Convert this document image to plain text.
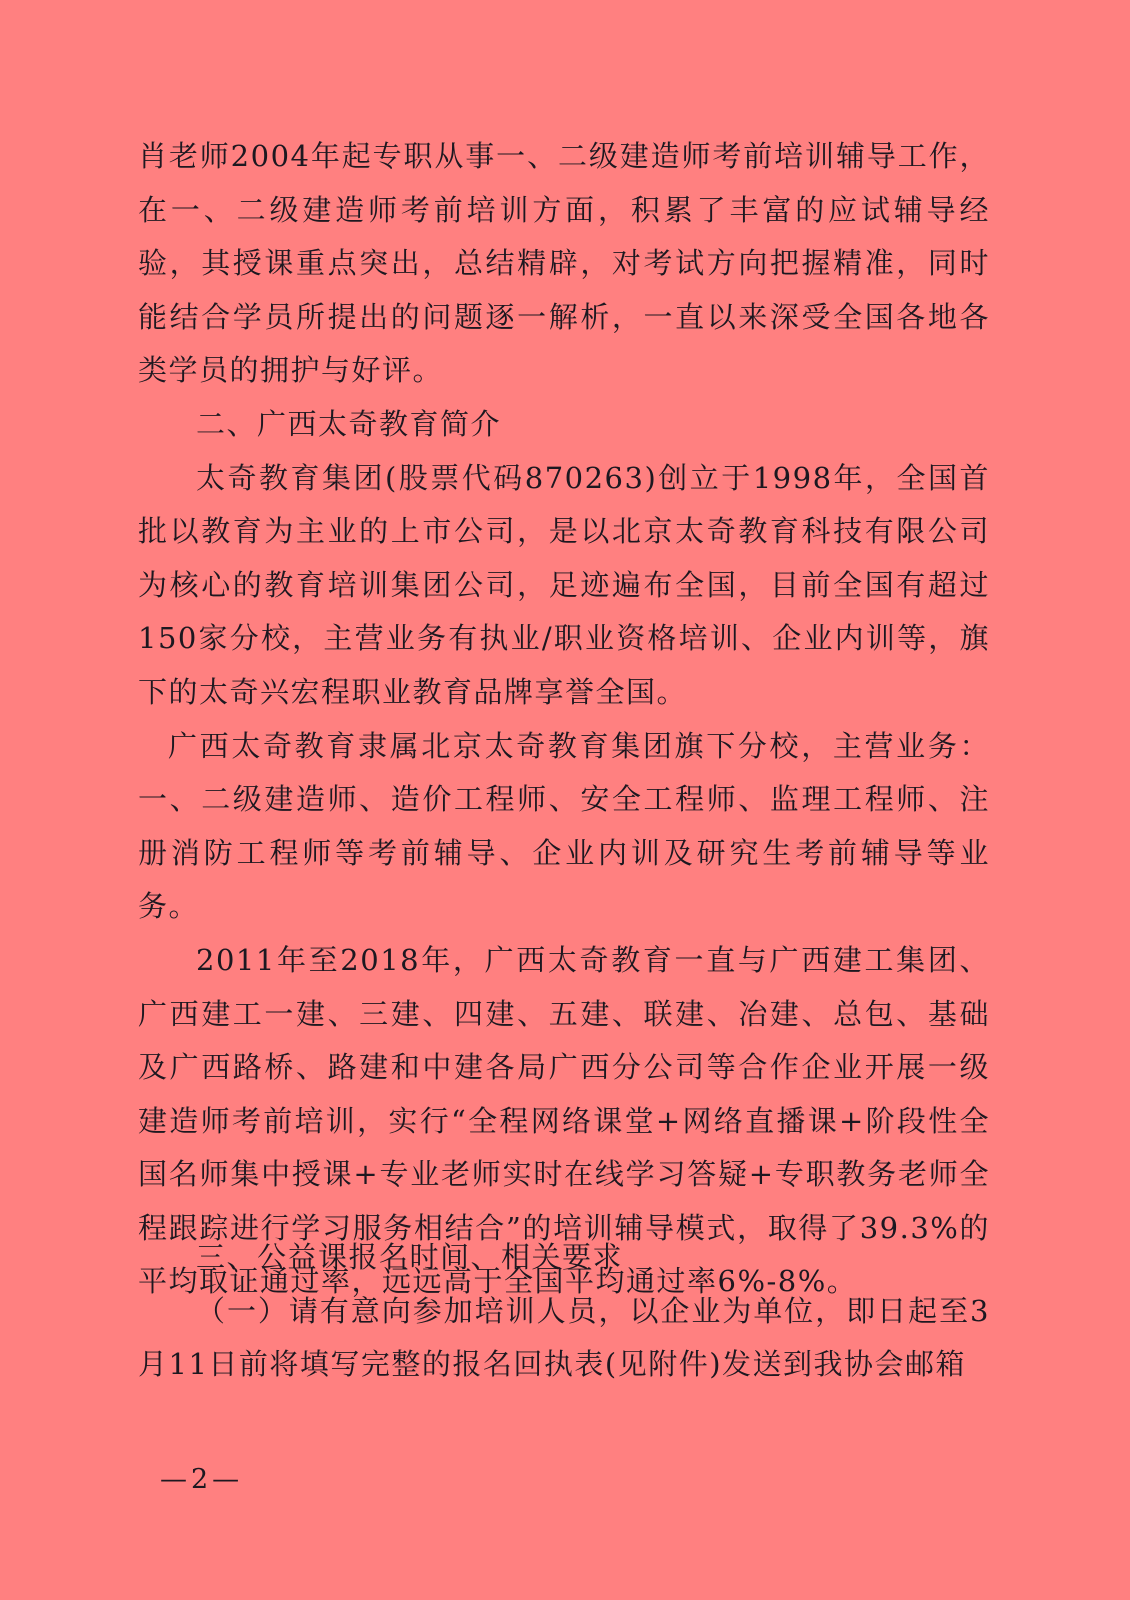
肖老师2004年起专职从事一、二级建造师考前培训辅导工作，在一、二级建造师考前培训方面，积累了丰富的应试辅导经验，其授课重点突出，总结精辟，对考试方向把握精准，同时能结合学员所提出的问题逐一解析，一直以来深受全国各地各类学员的拥护与好评。

二、广西太奇教育简介

太奇教育集团(股票代码870263)创立于1998年，全国首批以教育为主业的上市公司，是以北京太奇教育科技有限公司为核心的教育培训集团公司，足迹遍布全国，目前全国有超过150家分校，主营业务有执业/职业资格培训、企业内训等，旗下的太奇兴宏程职业教育品牌享誉全国。

广西太奇教育隶属北京太奇教育集团旗下分校，主营业务：一、二级建造师、造价工程师、安全工程师、监理工程师、注册消防工程师等考前辅导、企业内训及研究生考前辅导等业务。

2011年至2018年，广西太奇教育一直与广西建工集团、广西建工一建、三建、四建、五建、联建、冶建、总包、基础及广西路桥、路建和中建各局广西分公司等合作企业开展一级建造师考前培训，实行“全程网络课堂+网络直播课+阶段性全国名师集中授课+专业老师实时在线学习答疑+专职教务老师全程跟踪进行学习服务相结合”的培训辅导模式，取得了39.3%的平均取证通过率，远远高于全国平均通过率6%-8%。

三、公益课报名时间、相关要求

（一）请有意向参加培训人员，以企业为单位，即日起至3月11日前将填写完整的报名回执表(见附件)发送到我协会邮箱

—2—
